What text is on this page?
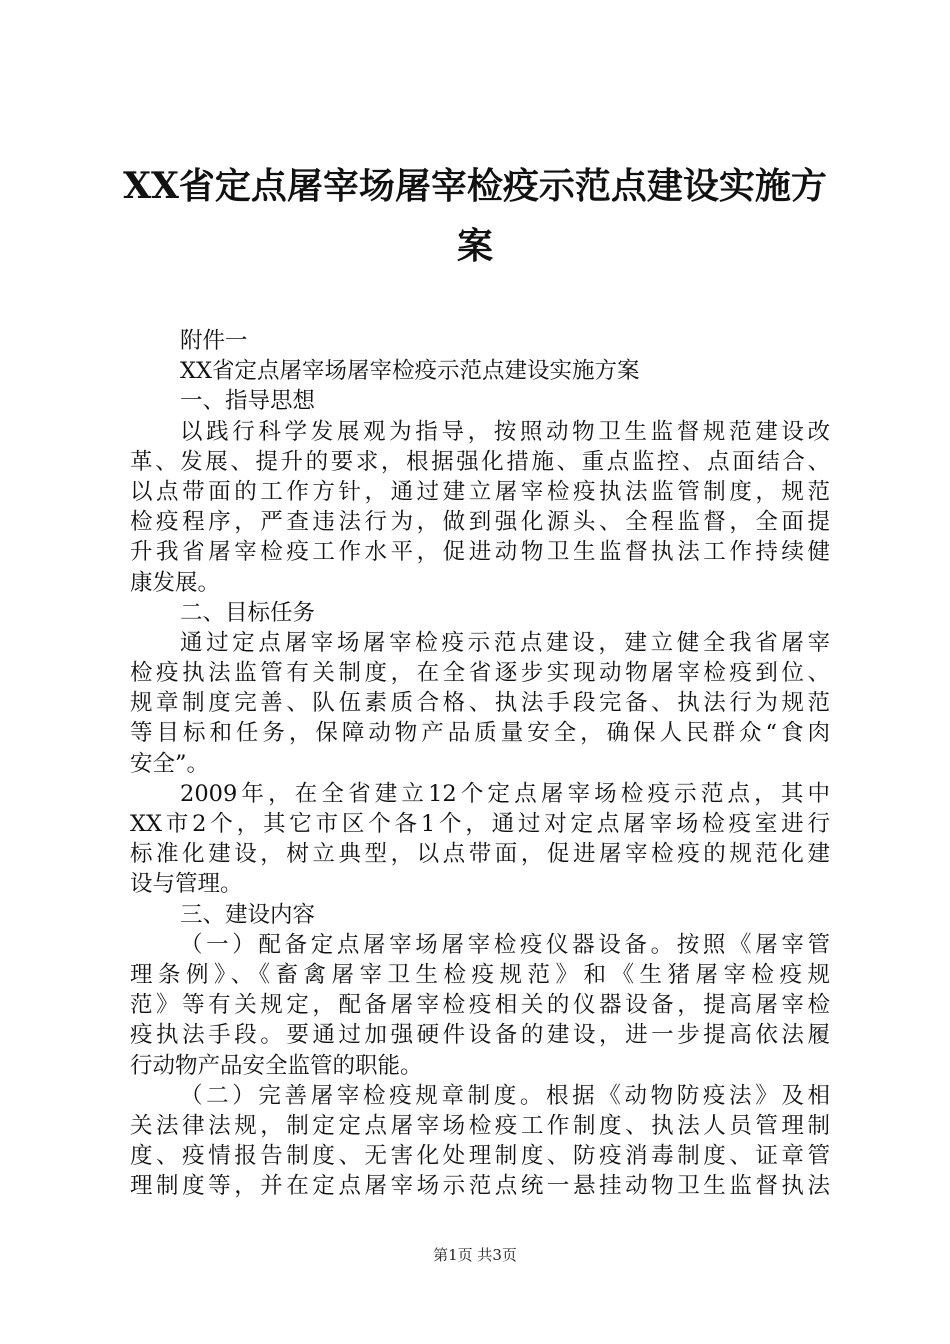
XX省定点屠宰场屠宰检疫示范点建设实施方
案
附件一
XX省定点屠宰场屠宰检疫示范点建设实施方案
一、指导思想
以践行科学发展观为指导，按照动物卫生监督规范建设改
革、发展、提升的要求，根据强化措施、重点监控、点面结合、
以点带面的工作方针，通过建立屠宰检疫执法监管制度，规范
检疫程序，严查违法行为，做到强化源头、全程监督，全面提
升我省屠宰检疫工作水平，促进动物卫生监督执法工作持续健
康发展。
二、目标任务
通过定点屠宰场屠宰检疫示范点建设，建立健全我省屠宰
检疫执法监管有关制度，在全省逐步实现动物屠宰检疫到位、
规章制度完善、队伍素质合格、执法手段完备、执法行为规范
等目标和任务，保障动物产品质量安全，确保人民群众“食肉
安全”。
2009年，在全省建立12个定点屠宰场检疫示范点，其中
XX市2个，其它市区个各1个，通过对定点屠宰场检疫室进行
标准化建设，树立典型，以点带面，促进屠宰检疫的规范化建
设与管理。
三、建设内容
（一）配备定点屠宰场屠宰检疫仪器设备。按照《屠宰管
理条例》、《畜禽屠宰卫生检疫规范》和《生猪屠宰检疫规
范》等有关规定，配备屠宰检疫相关的仪器设备，提高屠宰检
疫执法手段。要通过加强硬件设备的建设，进一步提高依法履
行动物产品安全监管的职能。
（二）完善屠宰检疫规章制度。根据《动物防疫法》及相
关法律法规，制定定点屠宰场检疫工作制度、执法人员管理制
度、疫情报告制度、无害化处理制度、防疫消毒制度、证章管
理制度等，并在定点屠宰场示范点统一悬挂动物卫生监督执法
第1页 共3页
